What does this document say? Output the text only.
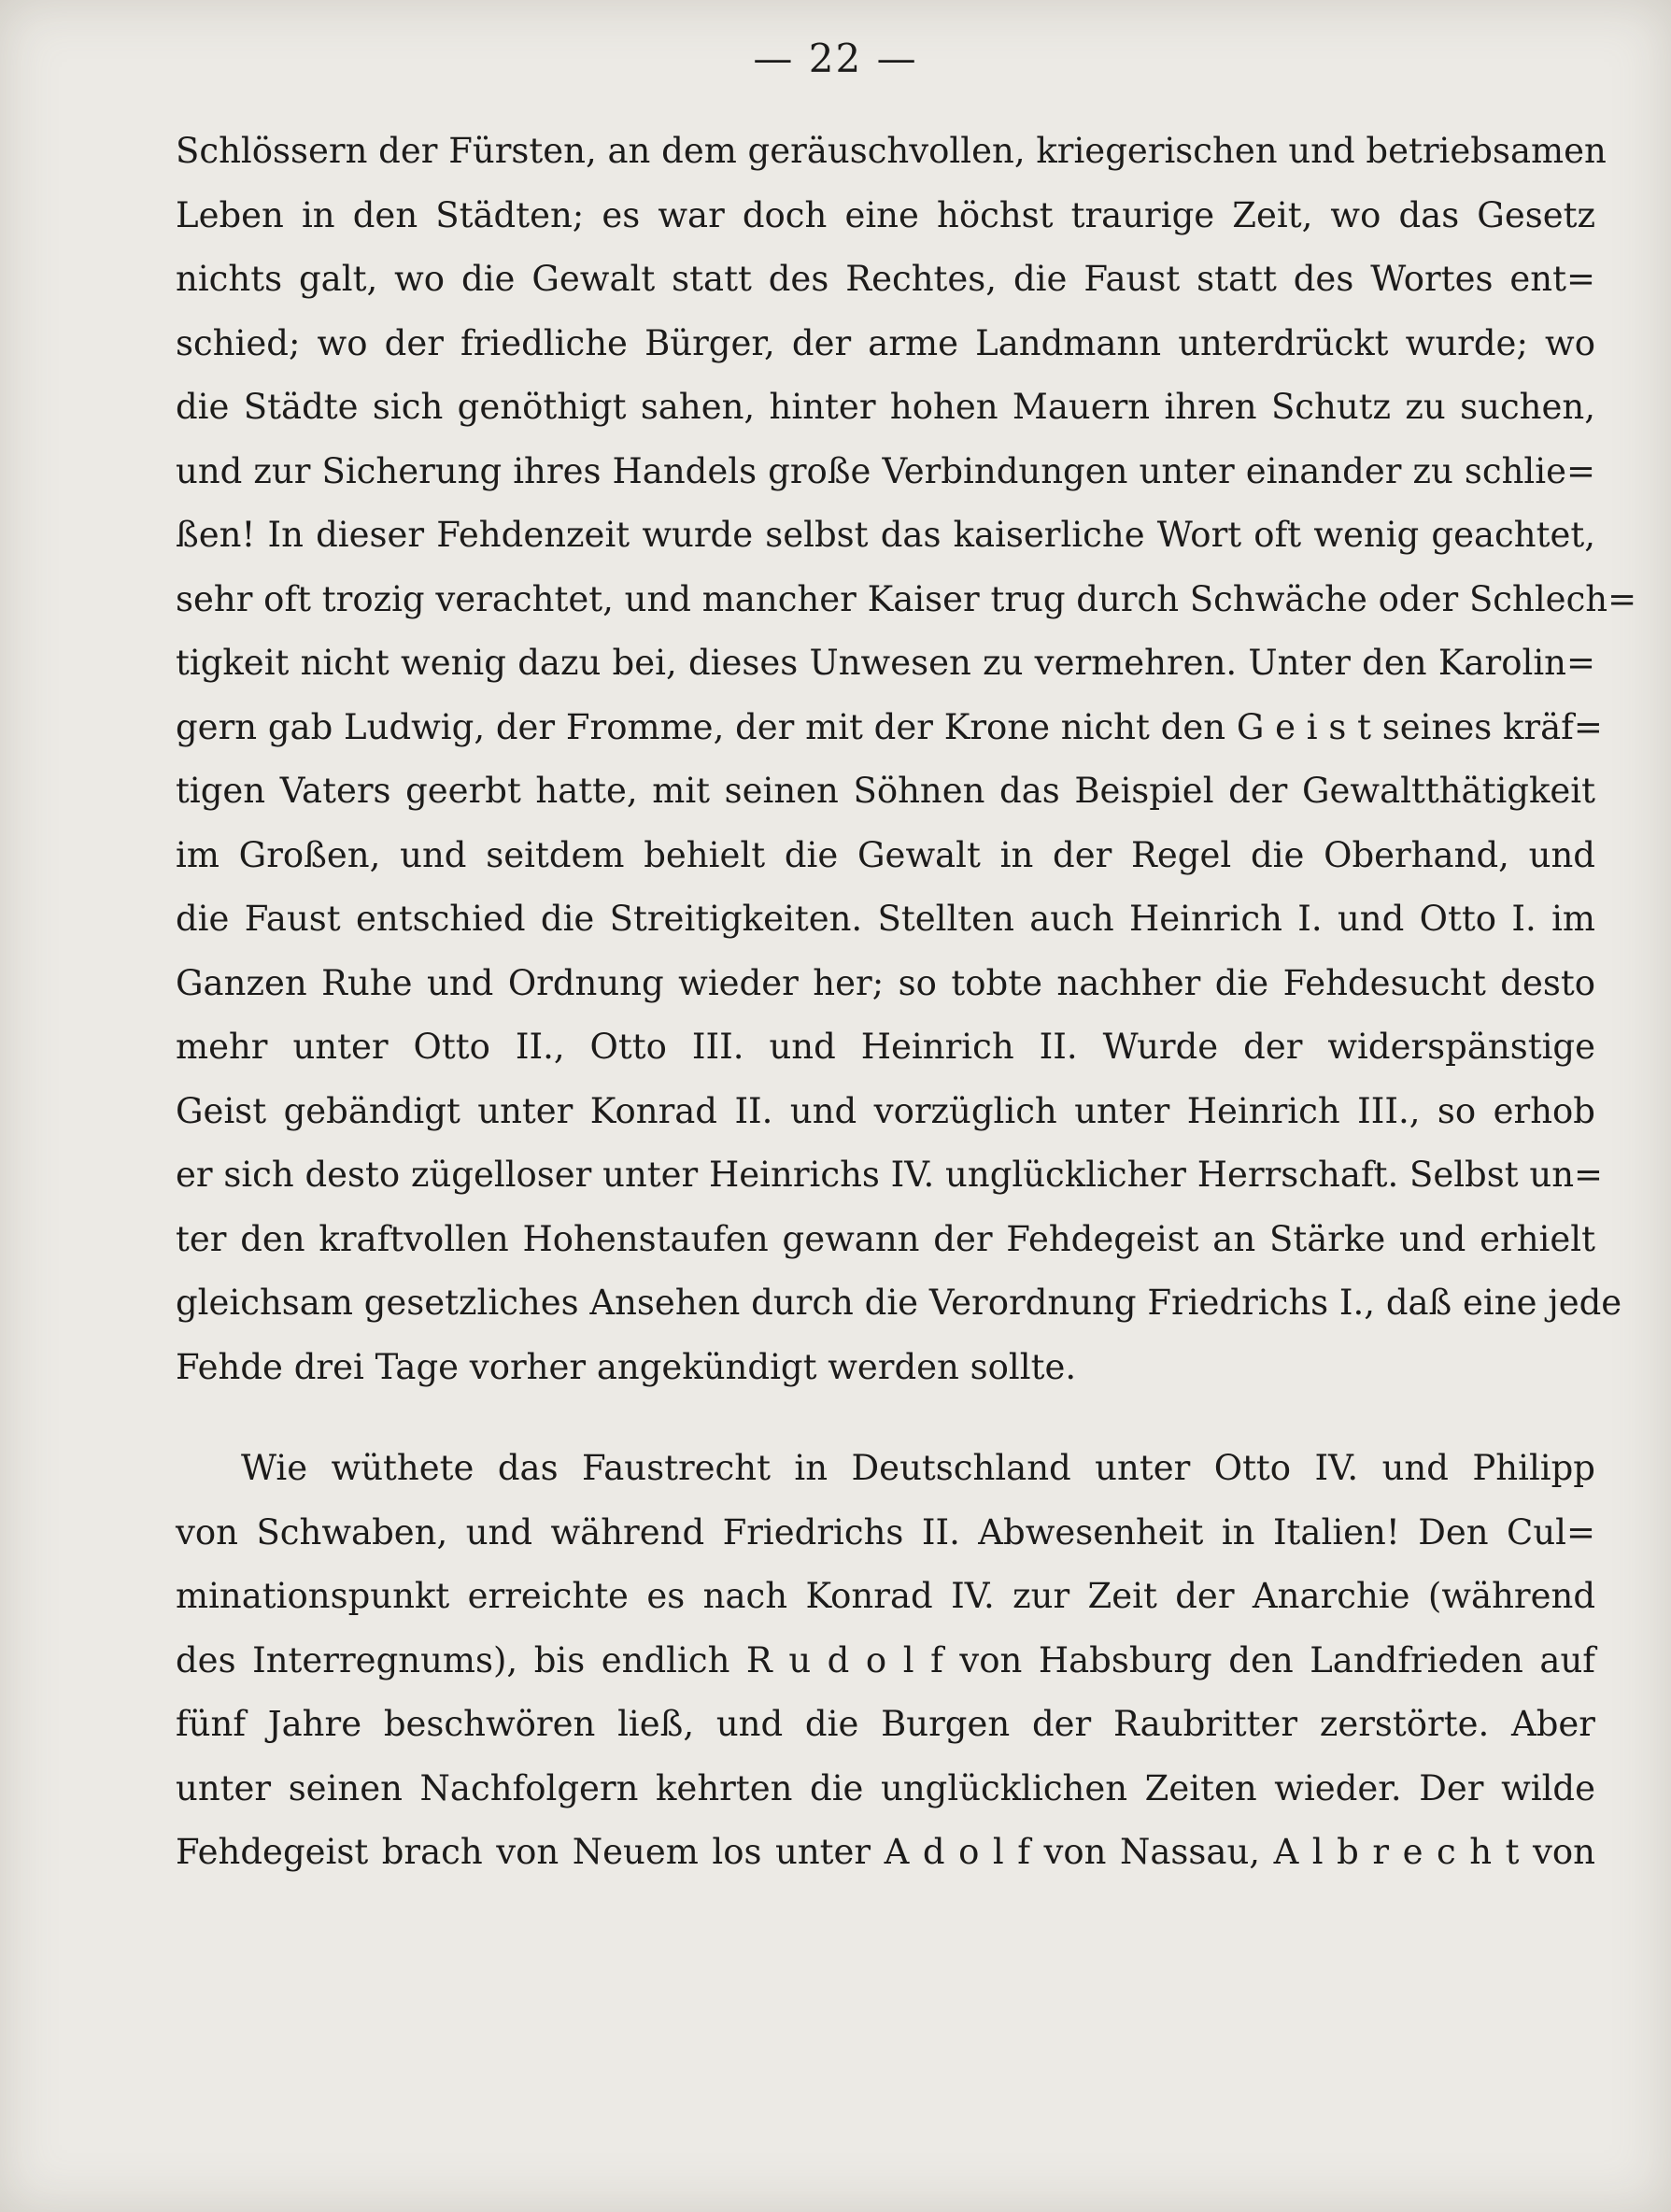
— 22 —

Schlössern der Fürsten, an dem geräuschvollen, kriegerischen und betriebsamen
Leben in den Städten; es war doch eine höchst traurige Zeit, wo das Gesetz
nichts galt, wo die Gewalt statt des Rechtes, die Faust statt des Wortes ent=
schied; wo der friedliche Bürger, der arme Landmann unterdrückt wurde; wo
die Städte sich genöthigt sahen, hinter hohen Mauern ihren Schutz zu suchen,
und zur Sicherung ihres Handels große Verbindungen unter einander zu schlie=
ßen! In dieser Fehdenzeit wurde selbst das kaiserliche Wort oft wenig geachtet,
sehr oft trozig verachtet, und mancher Kaiser trug durch Schwäche oder Schlech=
tigkeit nicht wenig dazu bei, dieses Unwesen zu vermehren. Unter den Karolin=
gern gab Ludwig, der Fromme, der mit der Krone nicht den G e i s t seines kräf=
tigen Vaters geerbt hatte, mit seinen Söhnen das Beispiel der Gewaltthätigkeit
im Großen, und seitdem behielt die Gewalt in der Regel die Oberhand, und
die Faust entschied die Streitigkeiten. Stellten auch Heinrich I. und Otto I. im
Ganzen Ruhe und Ordnung wieder her; so tobte nachher die Fehdesucht desto
mehr unter Otto II., Otto III. und Heinrich II. Wurde der widerspänstige
Geist gebändigt unter Konrad II. und vorzüglich unter Heinrich III., so erhob
er sich desto zügelloser unter Heinrichs IV. unglücklicher Herrschaft. Selbst un=
ter den kraftvollen Hohenstaufen gewann der Fehdegeist an Stärke und erhielt
gleichsam gesetzliches Ansehen durch die Verordnung Friedrichs I., daß eine jede
Fehde drei Tage vorher angekündigt werden sollte.

Wie wüthete das Faustrecht in Deutschland unter Otto IV. und Philipp
von Schwaben, und während Friedrichs II. Abwesenheit in Italien! Den Cul=
minationspunkt erreichte es nach Konrad IV. zur Zeit der Anarchie (während
des Interregnums), bis endlich R u d o l f von Habsburg den Landfrieden auf
fünf Jahre beschwören ließ, und die Burgen der Raubritter zerstörte. Aber
unter seinen Nachfolgern kehrten die unglücklichen Zeiten wieder. Der wilde
Fehdegeist brach von Neuem los unter A d o l f von Nassau, A l b r e c h t von
